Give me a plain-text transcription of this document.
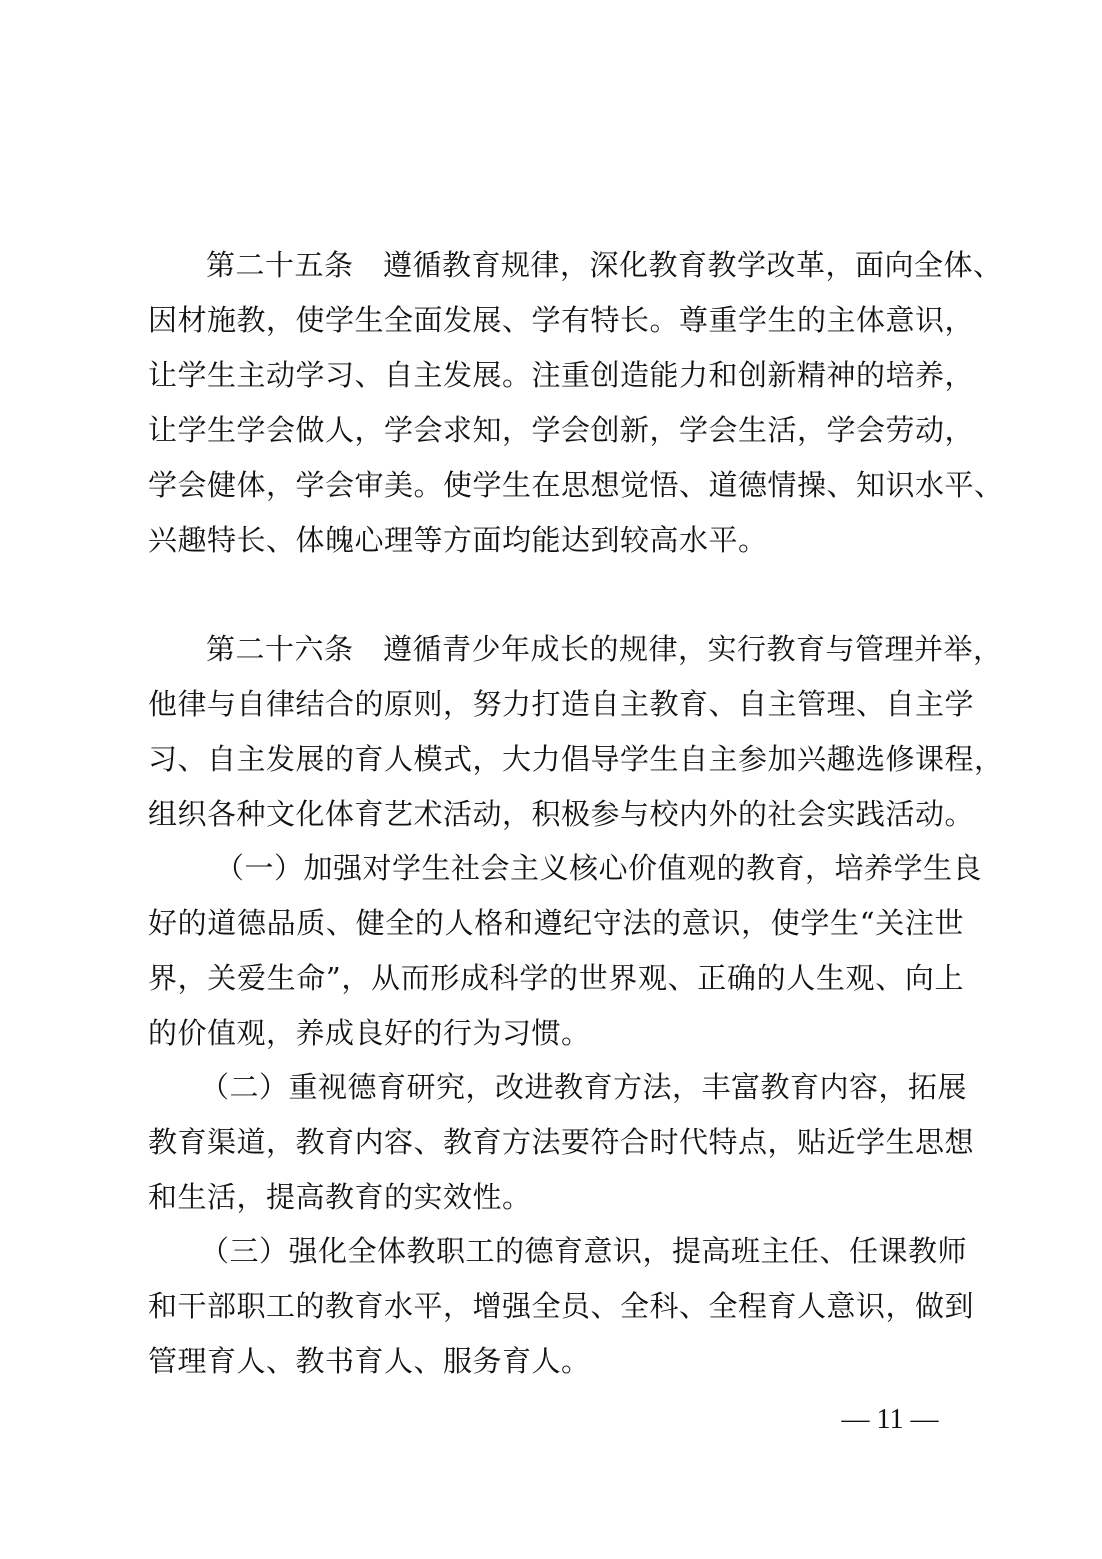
第二十五条　遵循教育规律，深化教育教学改革，面向全体、
因材施教，使学生全面发展、学有特长。尊重学生的主体意识，
让学生主动学习、自主发展。注重创造能力和创新精神的培养，
让学生学会做人，学会求知，学会创新，学会生活，学会劳动，
学会健体，学会审美。使学生在思想觉悟、道德情操、知识水平、
兴趣特长、体魄心理等方面均能达到较高水平。
第二十六条　遵循青少年成长的规律，实行教育与管理并举，
他律与自律结合的原则，努力打造自主教育、自主管理、自主学
习、自主发展的育人模式，大力倡导学生自主参加兴趣选修课程，
组织各种文化体育艺术活动，积极参与校内外的社会实践活动。
（一）加强对学生社会主义核心价值观的教育，培养学生良
好的道德品质、健全的人格和遵纪守法的意识，使学生“关注世
界，关爱生命”，从而形成科学的世界观、正确的人生观、向上
的价值观，养成良好的行为习惯。
（二）重视德育研究，改进教育方法，丰富教育内容，拓展
教育渠道，教育内容、教育方法要符合时代特点，贴近学生思想
和生活，提高教育的实效性。
（三）强化全体教职工的德育意识，提高班主任、任课教师
和干部职工的教育水平，增强全员、全科、全程育人意识，做到
管理育人、教书育人、服务育人。
— 11 —
